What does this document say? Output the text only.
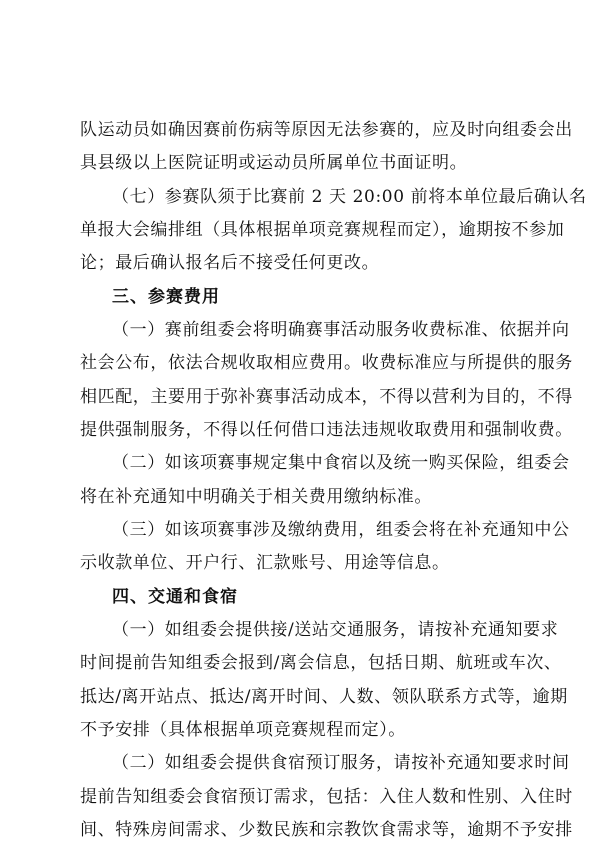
队运动员如确因赛前伤病等原因无法参赛的，应及时向组委会出
具县级以上医院证明或运动员所属单位书面证明。
（七）参赛队须于比赛前 2 天 20:00 前将本单位最后确认名
单报大会编排组（具体根据单项竞赛规程而定），逾期按不参加
论；最后确认报名后不接受任何更改。
三、参赛费用
（一）赛前组委会将明确赛事活动服务收费标准、依据并向
社会公布，依法合规收取相应费用。收费标准应与所提供的服务
相匹配，主要用于弥补赛事活动成本，不得以营利为目的，不得
提供强制服务，不得以任何借口违法违规收取费用和强制收费。
（二）如该项赛事规定集中食宿以及统一购买保险，组委会
将在补充通知中明确关于相关费用缴纳标准。
（三）如该项赛事涉及缴纳费用，组委会将在补充通知中公
示收款单位、开户行、汇款账号、用途等信息。
四、交通和食宿
（一）如组委会提供接/送站交通服务，请按补充通知要求
时间提前告知组委会报到/离会信息，包括日期、航班或车次、
抵达/离开站点、抵达/离开时间、人数、领队联系方式等，逾期
不予安排（具体根据单项竞赛规程而定）。
（二）如组委会提供食宿预订服务，请按补充通知要求时间
提前告知组委会食宿预订需求，包括：入住人数和性别、入住时
间、特殊房间需求、少数民族和宗教饮食需求等，逾期不予安排
